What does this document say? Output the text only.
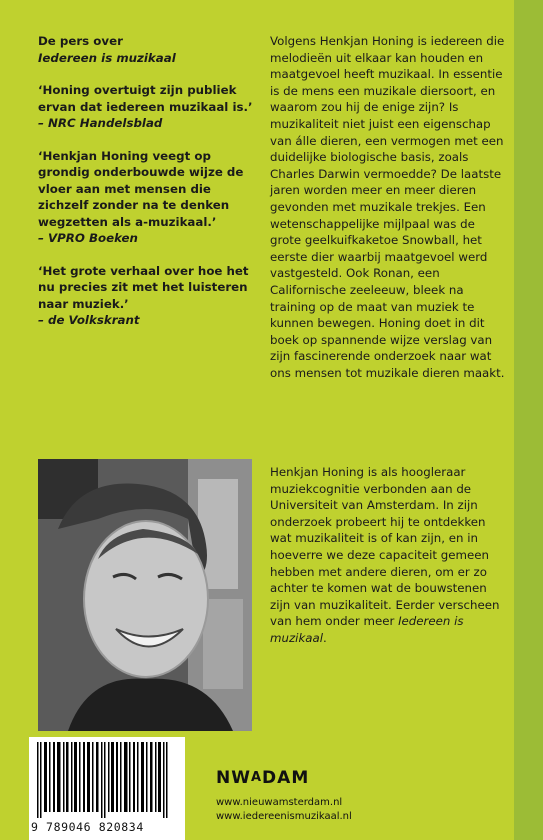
De pers over
Iedereen is muzikaal
‘Honing overtuigt zijn publiek ervan dat iedereen muzikaal is.’
– NRC Handelsblad
‘Henkjan Honing veegt op grondig onderbouwde wijze de vloer aan met mensen die zichzelf zonder na te denken wegzetten als a-muzikaal.’
– VPRO Boeken
‘Het grote verhaal over hoe het nu precies zit met het luisteren naar muziek.’
– de Volkskrant
Volgens Henkjan Honing is iedereen die melodieën uit elkaar kan houden en maatgevoel heeft muzikaal. In essentie is de mens een muzikale diersoort, en waarom zou hij de enige zijn? Is muzikaliteit niet juist een eigenschap van álle dieren, een vermogen met een duidelijke biologische basis, zoals Charles Darwin vermoedde? De laatste jaren worden meer en meer dieren gevonden met muzikale trekjes. Een wetenschappelijke mijlpaal was de grote geelkuifkaketoe Snowball, het eerste dier waarbij maatgevoel werd vastgesteld. Ook Ronan, een Californische zeeleeuw, bleek na training op de maat van muziek te kunnen bewegen. Honing doet in dit boek op spannende wijze verslag van zijn fascinerende onderzoek naar wat ons mensen tot muzikale dieren maakt.
Henkjan Honing is als hoogleraar muziekcognitie verbonden aan de Universiteit van Amsterdam. In zijn onderzoek probeert hij te ontdekken wat muzikaliteit is of kan zijn, en in hoeverre we deze capaciteit gemeen hebben met andere dieren, om er zo achter te komen wat de bouwstenen zijn van muzikaliteit. Eerder verscheen van hem onder meer Iedereen is muzikaal.
9 789046 820834
NWADAM
www.nieuwamsterdam.nl
www.iedereenismuzikaal.nl
